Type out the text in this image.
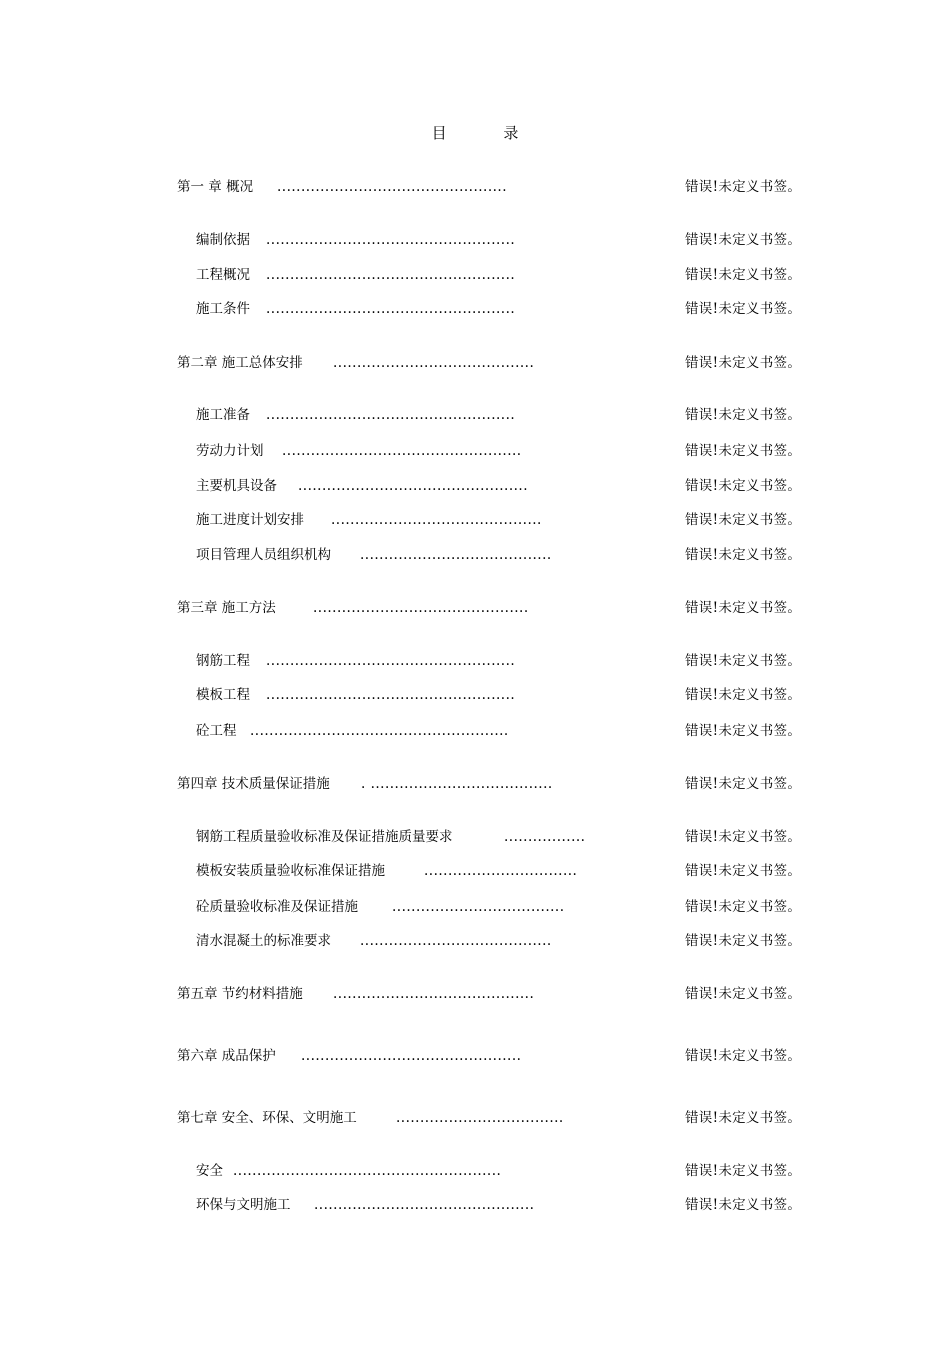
目 录
第一 章 概况 ................................................	错误!未定义书签。
编制依据 ....................................................	错误!未定义书签。
工程概况 ....................................................	错误!未定义书签。
施工条件 ....................................................	错误!未定义书签。
第二章 施工总体安排 ..........................................	错误!未定义书签。
施工准备 ....................................................	错误!未定义书签。
劳动力计划 ..................................................	错误!未定义书签。
主要机具设备 ................................................	错误!未定义书签。
施工进度计划安排 ............................................	错误!未定义书签。
项目管理人员组织机构 ........................................	错误!未定义书签。
第三章 施工方法	.............................................	错误!未定义书签。
钢筋工程 ....................................................	错误!未定义书签。
模板工程 ....................................................	错误!未定义书签。
砼工程 ......................................................	错误!未定义书签。
第四章 技术质量保证措施 . ......................................	错误!未定义书签。
钢筋工程质量验收标准及保证措施质量要求	.................	错误!未定义书签。
模板安装质量验收标准保证措施	................................	错误!未定义书签。
砼质量验收标准及保证措施	....................................	错误!未定义书签。
清水混凝土的标准要求 ........................................	错误!未定义书签。
第五章 节约材料措施 ..........................................	错误!未定义书签。
第六章 成品保护 ..............................................	错误!未定义书签。
第七章 安全、环保、文明施工	...................................	错误!未定义书签。
安全 ........................................................	错误!未定义书签。
环保与文明施工 ..............................................	错误!未定义书签。
